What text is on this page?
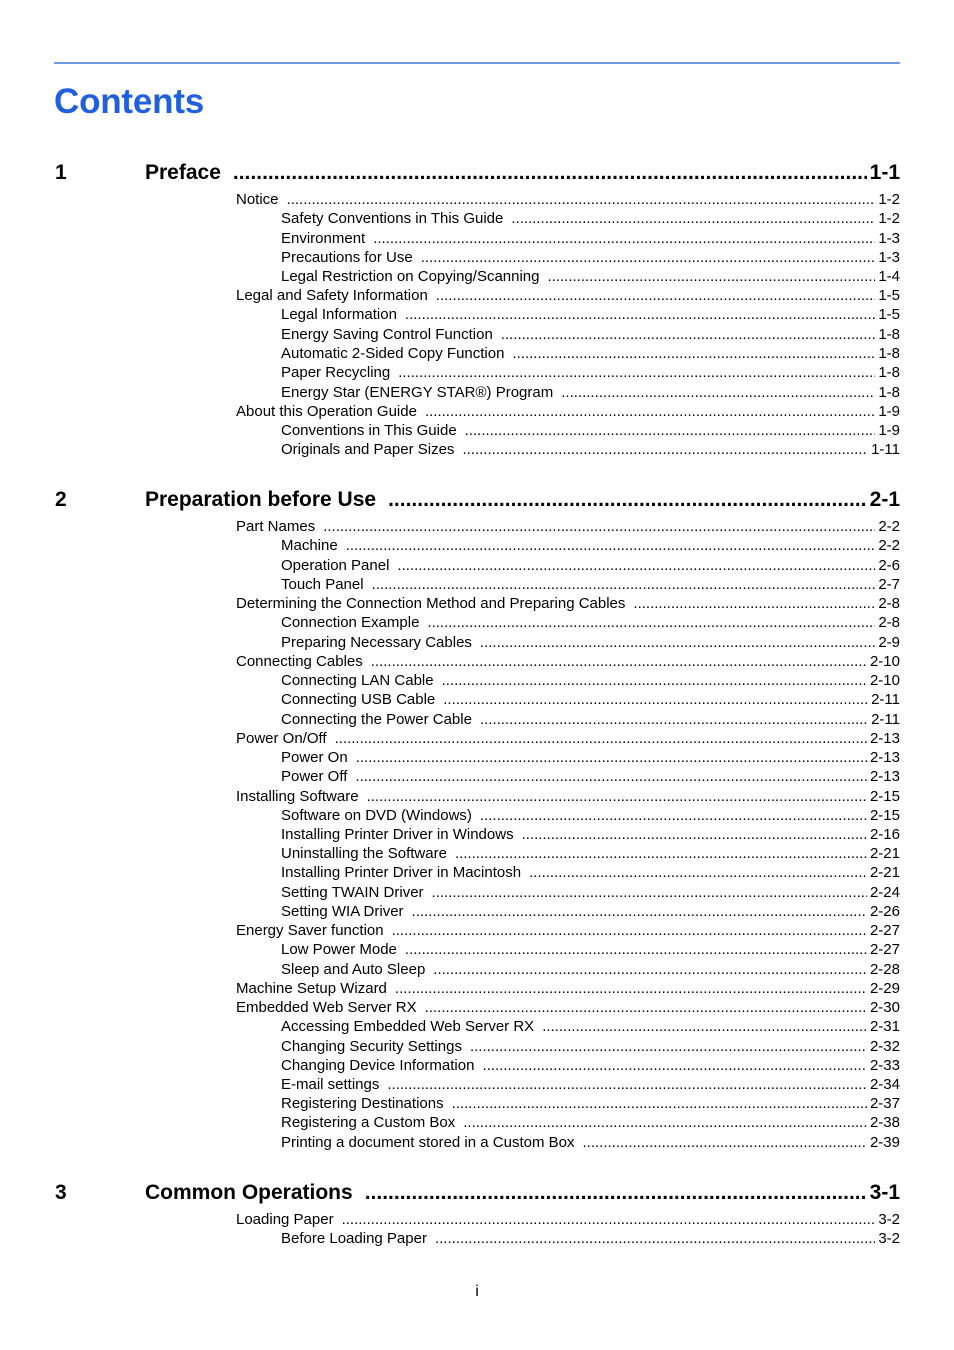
Contents
1	Preface .....	1-1
Notice .....	1-2
Safety Conventions in This Guide .....	1-2
Environment .....	1-3
Precautions for Use .....	1-3
Legal Restriction on Copying/Scanning .....	1-4
Legal and Safety Information .....	1-5
Legal Information .....	1-5
Energy Saving Control Function .....	1-8
Automatic 2-Sided Copy Function .....	1-8
Paper Recycling .....	1-8
Energy Star (ENERGY STAR®) Program .....	1-8
About this Operation Guide .....	1-9
Conventions in This Guide .....	1-9
Originals and Paper Sizes .....	1-11
2	Preparation before Use .....	2-1
Part Names .....	2-2
Machine .....	2-2
Operation Panel .....	2-6
Touch Panel .....	2-7
Determining the Connection Method and Preparing Cables .....	2-8
Connection Example .....	2-8
Preparing Necessary Cables .....	2-9
Connecting Cables .....	2-10
Connecting LAN Cable .....	2-10
Connecting USB Cable .....	2-11
Connecting the Power Cable .....	2-11
Power On/Off .....	2-13
Power On .....	2-13
Power Off .....	2-13
Installing Software .....	2-15
Software on DVD (Windows) .....	2-15
Installing Printer Driver in Windows .....	2-16
Uninstalling the Software .....	2-21
Installing Printer Driver in Macintosh .....	2-21
Setting TWAIN Driver .....	2-24
Setting WIA Driver .....	2-26
Energy Saver function .....	2-27
Low Power Mode .....	2-27
Sleep and Auto Sleep .....	2-28
Machine Setup Wizard .....	2-29
Embedded Web Server RX .....	2-30
Accessing Embedded Web Server RX .....	2-31
Changing Security Settings .....	2-32
Changing Device Information .....	2-33
E-mail settings .....	2-34
Registering Destinations .....	2-37
Registering a Custom Box .....	2-38
Printing a document stored in a Custom Box .....	2-39
3	Common Operations .....	3-1
Loading Paper .....	3-2
Before Loading Paper .....	3-2
i
